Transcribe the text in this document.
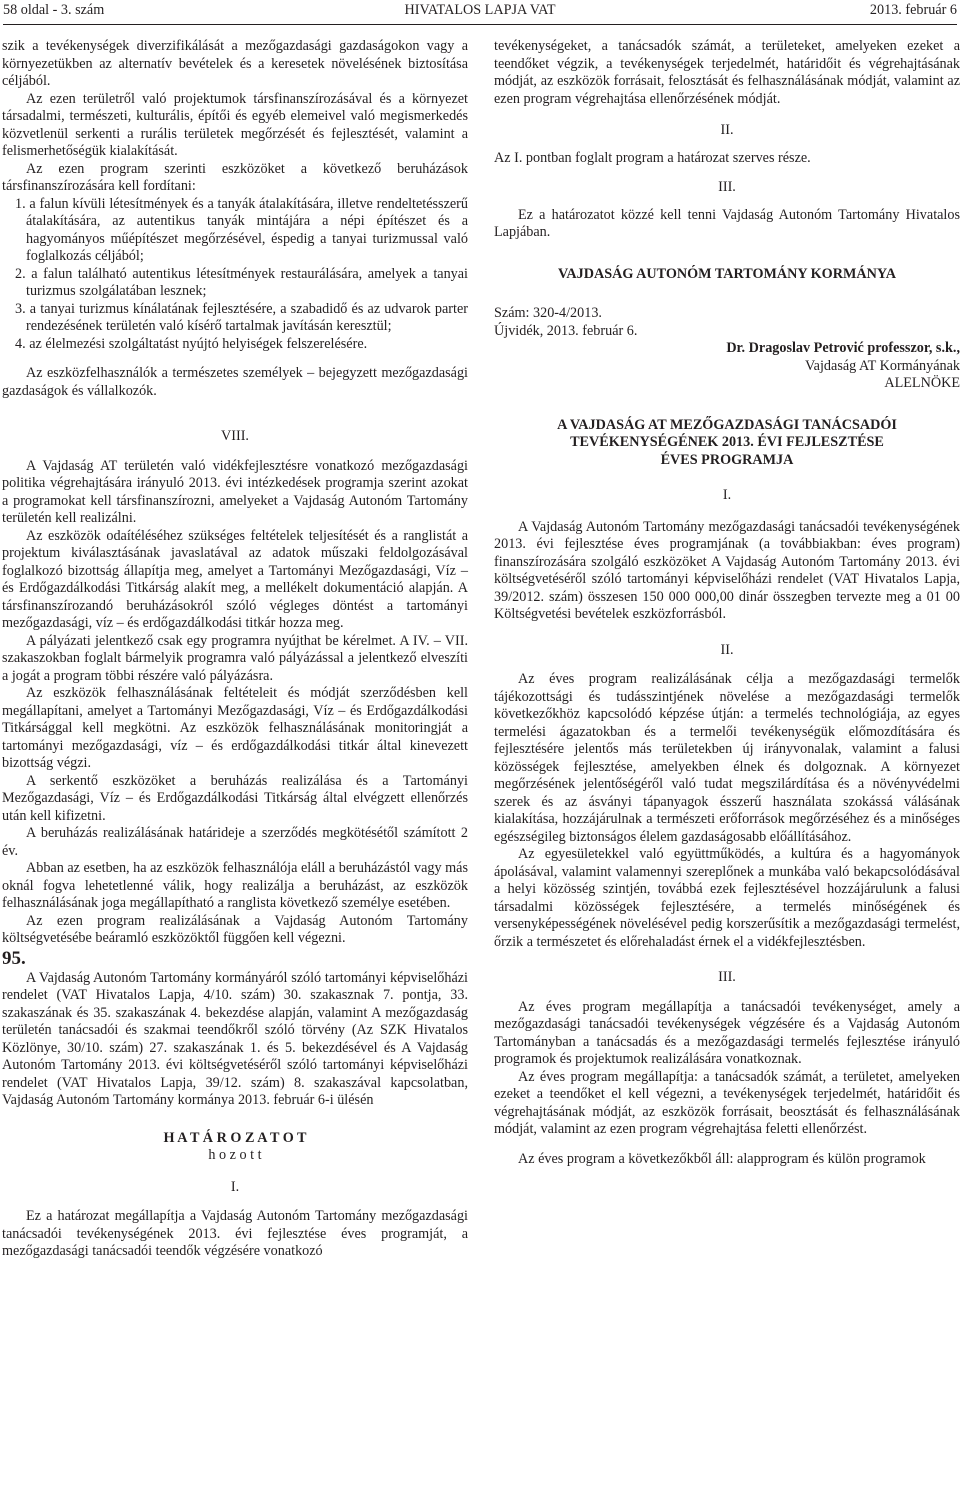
58 oldal - 3. szám	HIVATALOS LAPJA VAT	2013. február 6

szik a tevékenységek diverzifikálását a mezőgazdasági gazdaságokon vagy a környezetükben az alternatív bevételek és a keresetek növelésének biztosítása céljából.

Az ezen területről való projektumok társfinanszírozásával és a környezet társadalmi, természeti, kulturális, építői és egyéb elemeivel való megismerkedés közvetlenül serkenti a rurális területek megőrzését és fejlesztését, valamint a felismerhetőségük kialakítását.

Az ezen program szerinti eszközöket a következő beruházások társfinanszírozására kell fordítani:

1. a falun kívüli létesítmények és a tanyák átalakítására, illetve rendeltetésszerű átalakítására, az autentikus tanyák mintájára a népi építészet és a hagyományos műépítészet megőrzésével, éspedig a tanyai turizmussal való foglalkozás céljából;

2. a falun található autentikus létesítmények restaurálására, amelyek a tanyai turizmus szolgálatában lesznek;

3. a tanyai turizmus kínálatának fejlesztésére, a szabadidő és az udvarok parter rendezésének területén való kísérő tartalmak javításán keresztül;

4. az élelmezési szolgáltatást nyújtó helyiségek felszerelésére.

Az eszközfelhasználók a természetes személyek – bejegyzett mezőgazdasági gazdaságok és vállalkozók.

VIII.

A Vajdaság AT területén való vidékfejlesztésre vonatkozó mezőgazdasági politika végrehajtására irányuló 2013. évi intézkedések programja szerint azokat a programokat kell társfinanszírozni, amelyeket a Vajdaság Autonóm Tartomány területén kell realizálni.

Az eszközök odaítéléséhez szükséges feltételek teljesítését és a ranglistát a projektum kiválasztásának javaslatával az adatok műszaki feldolgozásával foglalkozó bizottság állapítja meg, amelyet a Tartományi Mezőgazdasági, Víz – és Erdőgazdálkodási Titkárság alakít meg, a mellékelt dokumentáció alapján. A társfinanszírozandó beruházásokról szóló végleges döntést a tartományi mezőgazdasági, víz – és erdőgazdálkodási titkár hozza meg.

A pályázati jelentkező csak egy programra nyújthat be kérelmet. A IV. – VII. szakaszokban foglalt bármelyik programra való pályázással a jelentkező elveszíti a jogát a program többi részére való pályázásra.

Az eszközök felhasználásának feltételeit és módját szerződésben kell megállapítani, amelyet a Tartományi Mezőgazdasági, Víz – és Erdőgazdálkodási Titkársággal kell megkötni. Az eszközök felhasználásának monitoringját a tartományi mezőgazdasági, víz – és erdőgazdálkodási titkár által kinevezett bizottság végzi.

A serkentő eszközöket a beruházás realizálása és a Tartományi Mezőgazdasági, Víz – és Erdőgazdálkodási Titkárság által elvégzett ellenőrzés után kell kifizetni.

A beruházás realizálásának határideje a szerződés megkötésétől számított 2 év.

Abban az esetben, ha az eszközök felhasználója eláll a beruházástól vagy más oknál fogva lehetetlenné válik, hogy realizálja a beruházást, az eszközök felhasználásának joga megállapítható a ranglista következő személye esetében.

Az ezen program realizálásának a Vajdaság Autonóm Tartomány költségvetésébe beáramló eszközöktől függően kell végezni.

95.

A Vajdaság Autonóm Tartomány kormányáról szóló tartományi képviselőházi rendelet (VAT Hivatalos Lapja, 4/10. szám) 30. szakasznak 7. pontja, 33. szakaszának és 35. szakaszának 4. bekezdése alapján, valamint A mezőgazdaság területén tanácsadói és szakmai teendőkről szóló törvény (Az SZK Hivatalos Közlönye, 30/10. szám) 27. szakaszának 1. és 5. bekezdésével és A Vajdaság Autonóm Tartomány 2013. évi költségvetéséről szóló tartományi képviselőházi rendelet (VAT Hivatalos Lapja, 39/12. szám) 8. szakaszával kapcsolatban, Vajdaság Autonóm Tartomány kormánya 2013. február 6-i ülésén

H A T Á R O Z A T O T

h o z o t t

I.

Ez a határozat megállapítja a Vajdaság Autonóm Tartomány mezőgazdasági tanácsadói tevékenységének 2013. évi fejlesztése éves programját, a mezőgazdasági tanácsadói teendők végzésére vonatkozó

tevékenységeket, a tanácsadók számát, a területeket, amelyeken ezeket a teendőket végzik, a tevékenységek terjedelmét, határidőit és végrehajtásának módját, az eszközök forrásait, felosztását és felhasználásának módját, valamint az ezen program végrehajtása ellenőrzésének módját.

II.

Az I. pontban foglalt program a határozat szerves része.

III.

Ez a határozatot közzé kell tenni Vajdaság Autonóm Tartomány Hivatalos Lapjában.

VAJDASÁG AUTONÓM TARTOMÁNY KORMÁNYA

Szám: 320-4/2013.

Újvidék, 2013. február 6.

Dr. Dragoslav Petrović professzor, s.k.,

Vajdaság AT Kormányának

ALELNÖKE

A VAJDASÁG AT MEZŐGAZDASÁGI TANÁCSADÓI

TEVÉKENYSÉGÉNEK 2013. ÉVI FEJLESZTÉSE

ÉVES PROGRAMJA

I.

A Vajdaság Autonóm Tartomány mezőgazdasági tanácsadói tevékenységének 2013. évi fejlesztése éves programjának (a továbbiakban: éves program) finanszírozására szolgáló eszközöket A Vajdaság Autonóm Tartomány 2013. évi költségvetéséről szóló tartományi képviselőházi rendelet (VAT Hivatalos Lapja, 39/2012. szám) összesen 150 000 000,00 dinár összegben tervezte meg a 01 00 Költségvetési bevételek eszközforrásból.

II.

Az éves program realizálásának célja a mezőgazdasági termelők tájékozottsági és tudásszintjének növelése a mezőgazdasági termelők következőkhöz kapcsolódó képzése útján: a termelés technológiája, az egyes termelési ágazatokban és a termelői tevékenységük előmozdítására és fejlesztésére jelentős más területekben új irányvonalak, valamint a falusi közösségek fejlesztése, amelyekben élnek és dolgoznak. A környezet megőrzésének jelentőségéről való tudat megszilárdítása és a növényvédelmi szerek és az ásványi tápanyagok ésszerű használata szokássá válásának kialakítása, hozzájárulnak a természeti erőforrások megőrzéséhez és a minőséges egészségileg biztonságos élelem gazdaságosabb előállításához.

Az egyesületekkel való együttműködés, a kultúra és a hagyományok ápolásával, valamint valamennyi szereplőnek a munkába való bekapcsolódásával a helyi közösség szintjén, továbbá ezek fejlesztésével hozzájárulunk a falusi társadalmi közösségek fejlesztésére, a termelés minőségének és versenyképességének növelésével pedig korszerűsítik a mezőgazdasági termelést, őrzik a természetet és előrehaladást érnek el a vidékfejlesztésben.

III.

Az éves program megállapítja a tanácsadói tevékenységet, amely a mezőgazdasági tanácsadói tevékenységek végzésére és a Vajdaság Autonóm Tartományban a tanácsadás és a mezőgazdasági termelés fejlesztése irányuló programok és projektumok realizálására vonatkoznak.

Az éves program megállapítja: a tanácsadók számát, a területet, amelyeken ezeket a teendőket el kell végezni, a tevékenységek terjedelmét, határidőit és végrehajtásának módját, az eszközök forrásait, beosztását és felhasználásának módját, valamint az ezen program végrehajtása feletti ellenőrzést.

Az éves program a következőkből áll: alapprogram és külön programok
